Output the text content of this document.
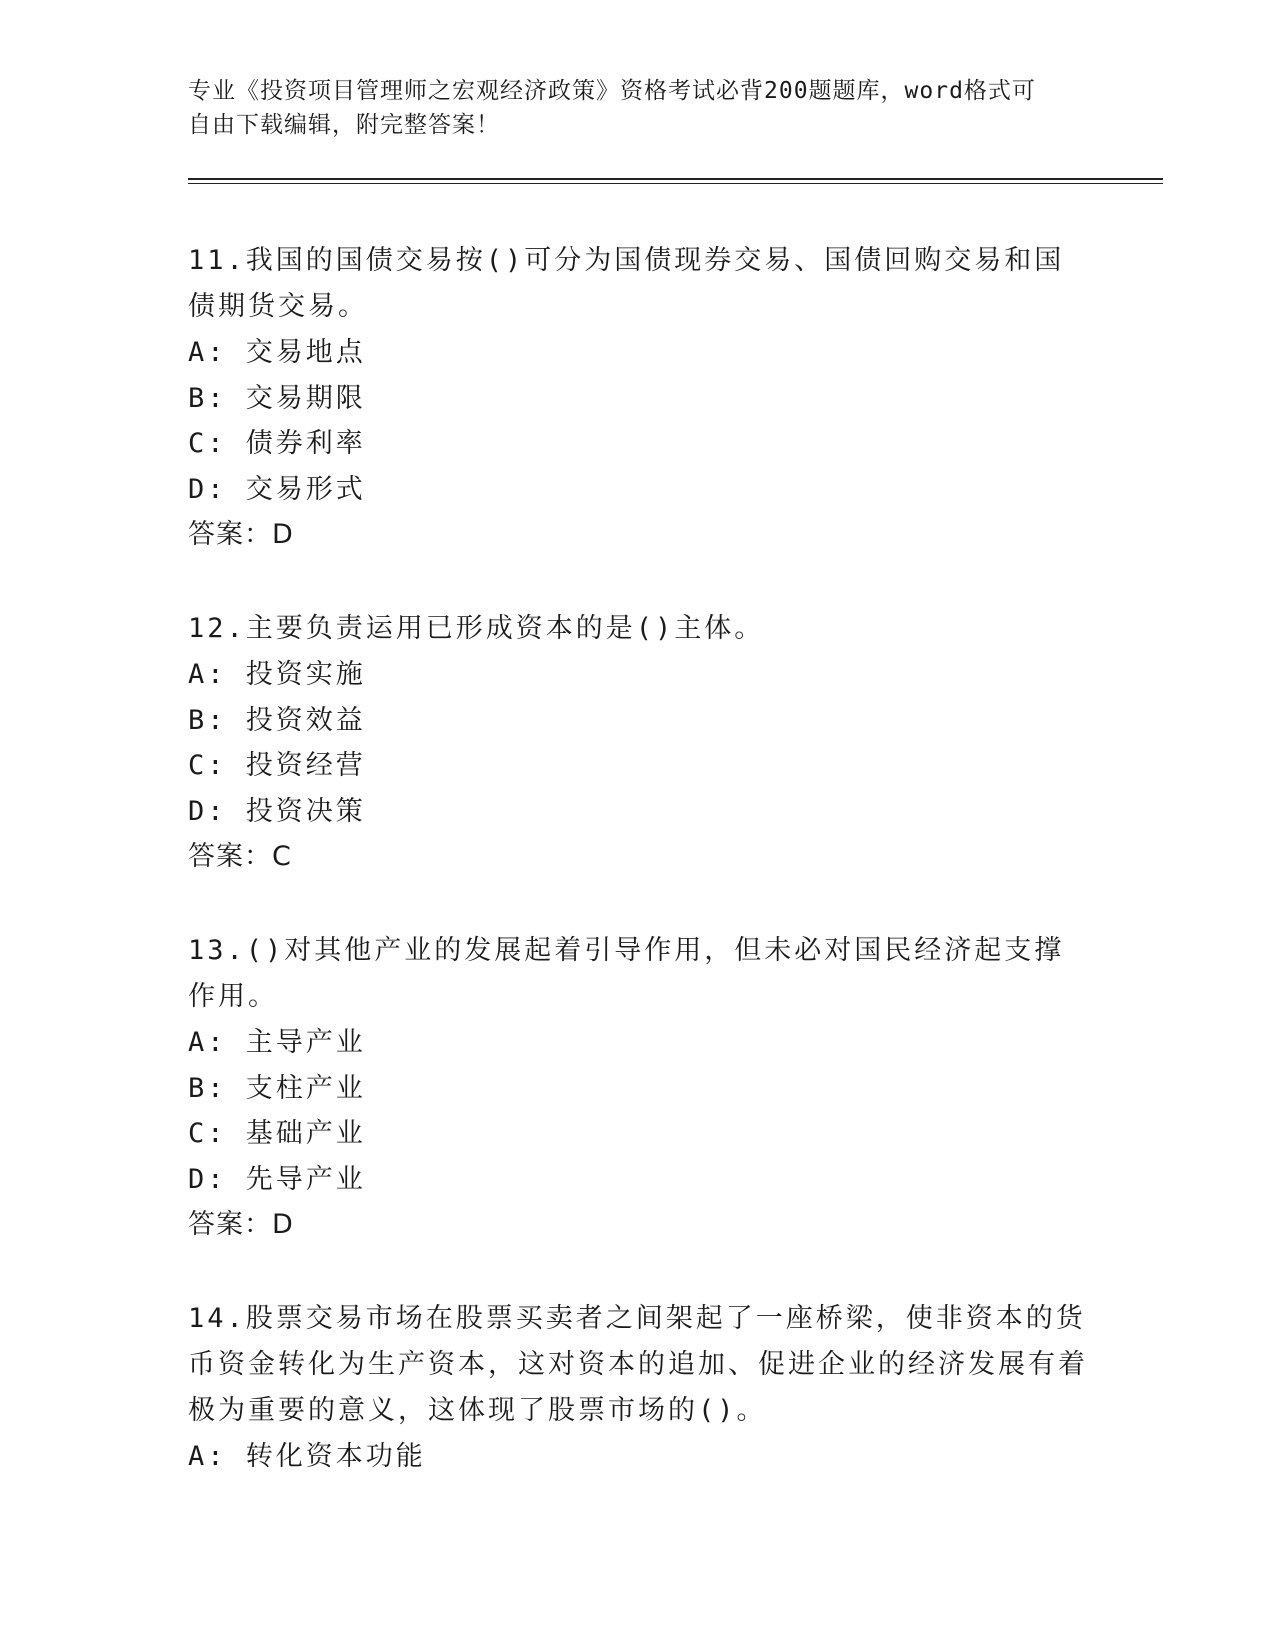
专业《投资项目管理师之宏观经济政策》资格考试必背200题题库，word格式可
自由下载编辑，附完整答案！
11.我国的国债交易按()可分为国债现券交易、国债回购交易和国债期货交易。
A: 交易地点
B: 交易期限
C: 债券利率
D: 交易形式
答案：D
12.主要负责运用已形成资本的是()主体。
A: 投资实施
B: 投资效益
C: 投资经营
D: 投资决策
答案：C
13.()对其他产业的发展起着引导作用，但未必对国民经济起支撑作用。
A: 主导产业
B: 支柱产业
C: 基础产业
D: 先导产业
答案：D
14.股票交易市场在股票买卖者之间架起了一座桥梁，使非资本的货币资金转化为生产资本，这对资本的追加、促进企业的经济发展有着极为重要的意义，这体现了股票市场的()。
A: 转化资本功能
